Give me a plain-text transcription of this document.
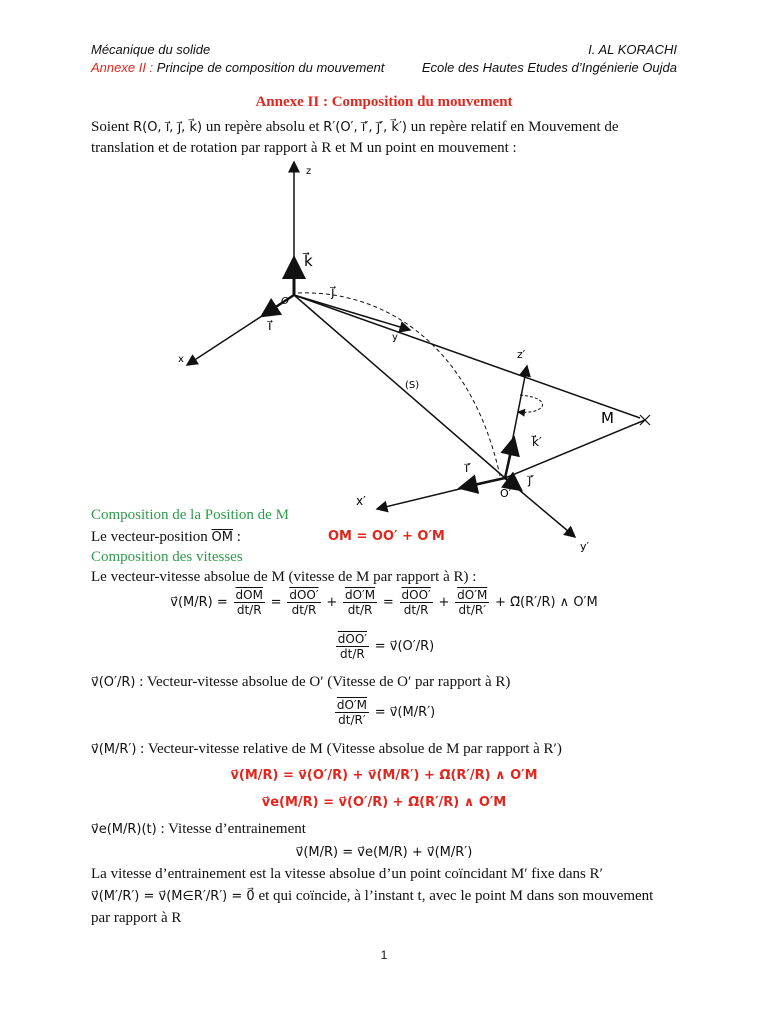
Mécanique du solide
Annexe II : Principe de composition du mouvement
I. AL KORACHI
Ecole des Hautes Etudes d’Ingénierie Oujda
Annexe II : Composition du mouvement
Soient R(O, ı⃗, ȷ⃗, k⃗) un repère absolu et R′(O′, ı⃗′, ȷ⃗′, k⃗′) un repère relatif en Mouvement de
translation et de rotation par rapport à R et M un point en mouvement :
z
k⃗
O
ȷ⃗
ı⃗
x
y
(S)
z′
M
k⃗′
ı⃗′
ȷ⃗′
O′
x′
y′
Composition de la Position de M
Le vecteur-position $\overline{OM}$ :	OM = OO′ + O′M
Composition des vitesses
Le vecteur-vitesse absolue de M (vitesse de M par rapport à R) :
v⃗(M/R) = $\frac{\overline{dOM}}{dt/R} = \frac{\text{dOO′}}{dt/R} + \frac{dO'M}{dt/R} = \frac{\text{dOO′}}{dt/R} + \frac{dO'M}{dt/R'}$ + Ω⃗(R′/R) ∧ O′M
$\frac{\text{dOO′}}{dt/R}$ = v⃗(O′/R)
v⃗(O′/R) : Vecteur-vitesse absolue de O′ (Vitesse de O′ par rapport à R)
$\frac{dO'M}{dt/R'}$ = v⃗(M/R′)
v⃗(M/R′) : Vecteur-vitesse relative de M (Vitesse absolue de M par rapport à R′)
v⃗(M/R) = v⃗(O′/R) + v⃗(M/R′) + Ω⃗(R′/R) ∧ O′M
v⃗e(M/R) = v⃗(O′/R) + Ω⃗(R′/R) ∧ O′M
v⃗e(M/R)(t) : Vitesse d’entrainement
v⃗(M/R) = v⃗e(M/R) + v⃗(M/R′)
La vitesse d’entrainement est la vitesse absolue d’un point coïncidant M′ fixe dans R′
v⃗(M′/R′) = v⃗(M∈R′/R′) = 0⃗ et qui coïncide, à l’instant t, avec le point M dans son mouvement
par rapport à R
1
